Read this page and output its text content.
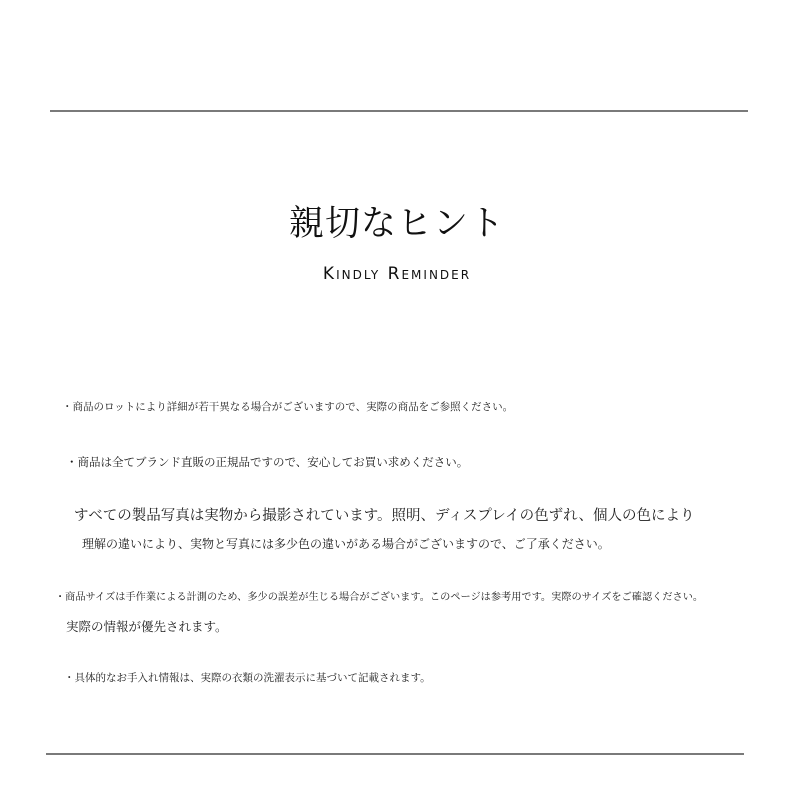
親切なヒント
Kindly Reminder
・商品のロットにより詳細が若干異なる場合がございますので、実際の商品をご参照ください。
・商品は全てブランド直販の正規品ですので、安心してお買い求めください。
すべての製品写真は実物から撮影されています。照明、ディスプレイの色ずれ、個人の色により
理解の違いにより、実物と写真には多少色の違いがある場合がございますので、ご了承ください。
・商品サイズは手作業による計測のため、多少の誤差が生じる場合がございます。このページは参考用です。実際のサイズをご確認ください。
実際の情報が優先されます。
・具体的なお手入れ情報は、実際の衣類の洗濯表示に基づいて記載されます。
